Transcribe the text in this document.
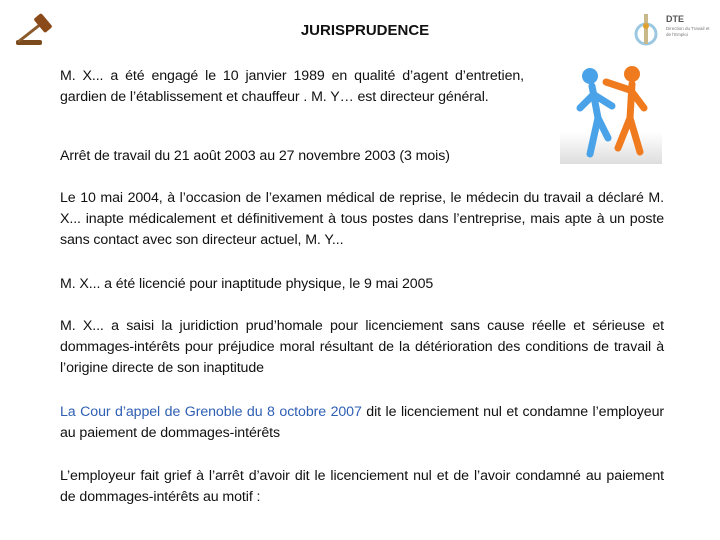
JURISPRUDENCE
DTE
Direction du Travail et de l'Emploi
M. X... a été engagé le 10 janvier 1989 en qualité d’agent d’entretien, gardien de l’établissement et chauffeur . M. Y… est directeur général.
Arrêt de travail du 21 août 2003 au 27 novembre 2003 (3 mois)
Le 10 mai 2004, à l’occasion de l’examen médical de reprise, le médecin du travail a déclaré M. X... inapte médicalement et définitivement à tous postes dans l’entreprise, mais apte à un poste sans contact avec son directeur actuel, M. Y...
M. X... a été licencié pour inaptitude physique, le 9 mai 2005
M. X... a saisi la juridiction prud’homale pour licenciement sans cause réelle et sérieuse et dommages-intérêts pour préjudice moral résultant de la détérioration des conditions de travail à l’origine directe de son inaptitude
La Cour d’appel de Grenoble du 8 octobre 2007 dit le licenciement nul et condamne l’employeur au paiement de dommages-intérêts
L’employeur fait grief à l’arrêt d’avoir dit le licenciement nul et de l’avoir condamné au paiement de dommages-intérêts au motif :
